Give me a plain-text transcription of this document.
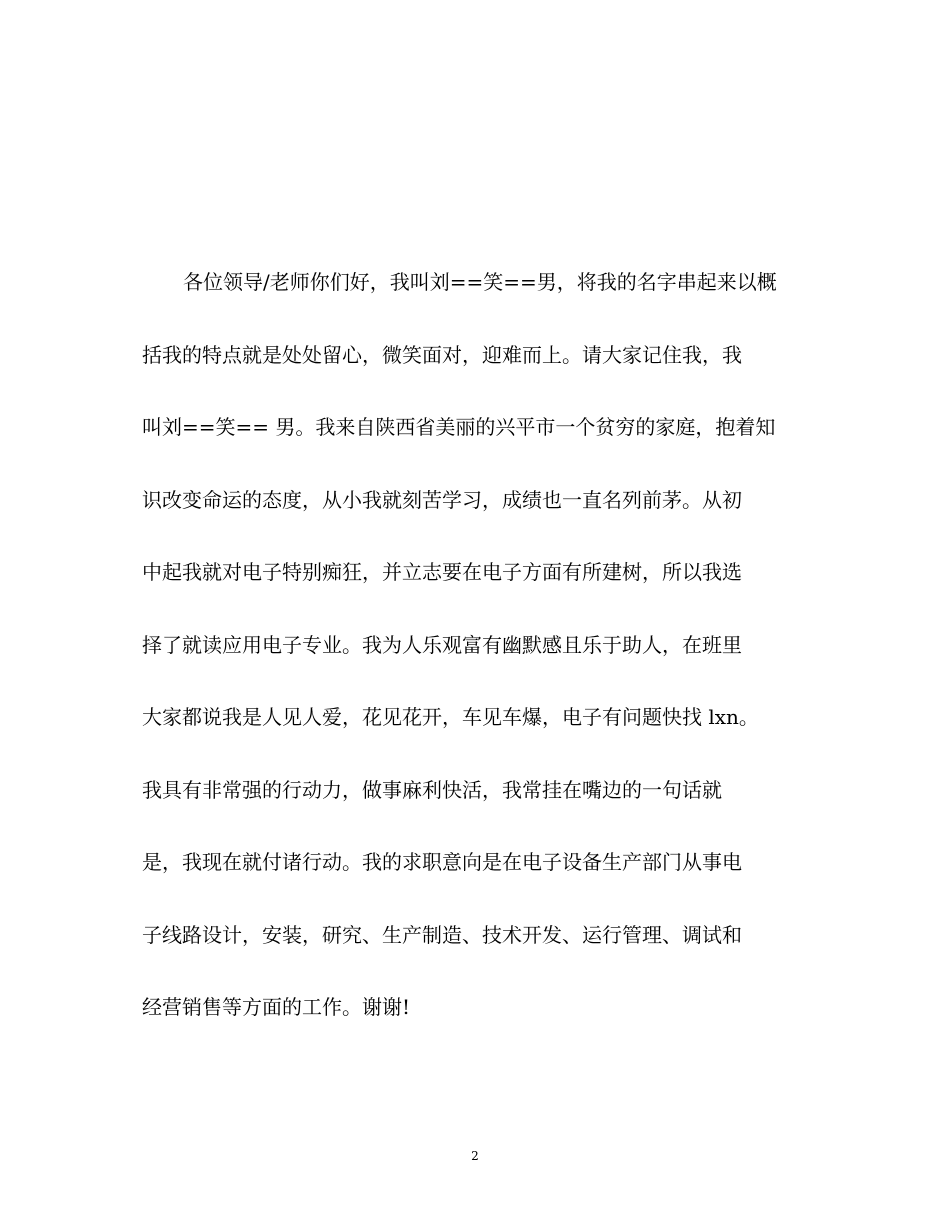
各位领导/老师你们好，我叫刘==笑==男，将我的名字串起来以概
括我的特点就是处处留心，微笑面对，迎难而上。请大家记住我，我
叫刘==笑== 男。我来自陕西省美丽的兴平市一个贫穷的家庭，抱着知
识改变命运的态度，从小我就刻苦学习，成绩也一直名列前茅。从初
中起我就对电子特别痴狂，并立志要在电子方面有所建树，所以我选
择了就读应用电子专业。我为人乐观富有幽默感且乐于助人，在班里
大家都说我是人见人爱，花见花开，车见车爆，电子有问题快找 lxn。
我具有非常强的行动力，做事麻利快活，我常挂在嘴边的一句话就
是，我现在就付诸行动。我的求职意向是在电子设备生产部门从事电
子线路设计，安装，研究、生产制造、技术开发、运行管理、调试和
经营销售等方面的工作。谢谢!
2
